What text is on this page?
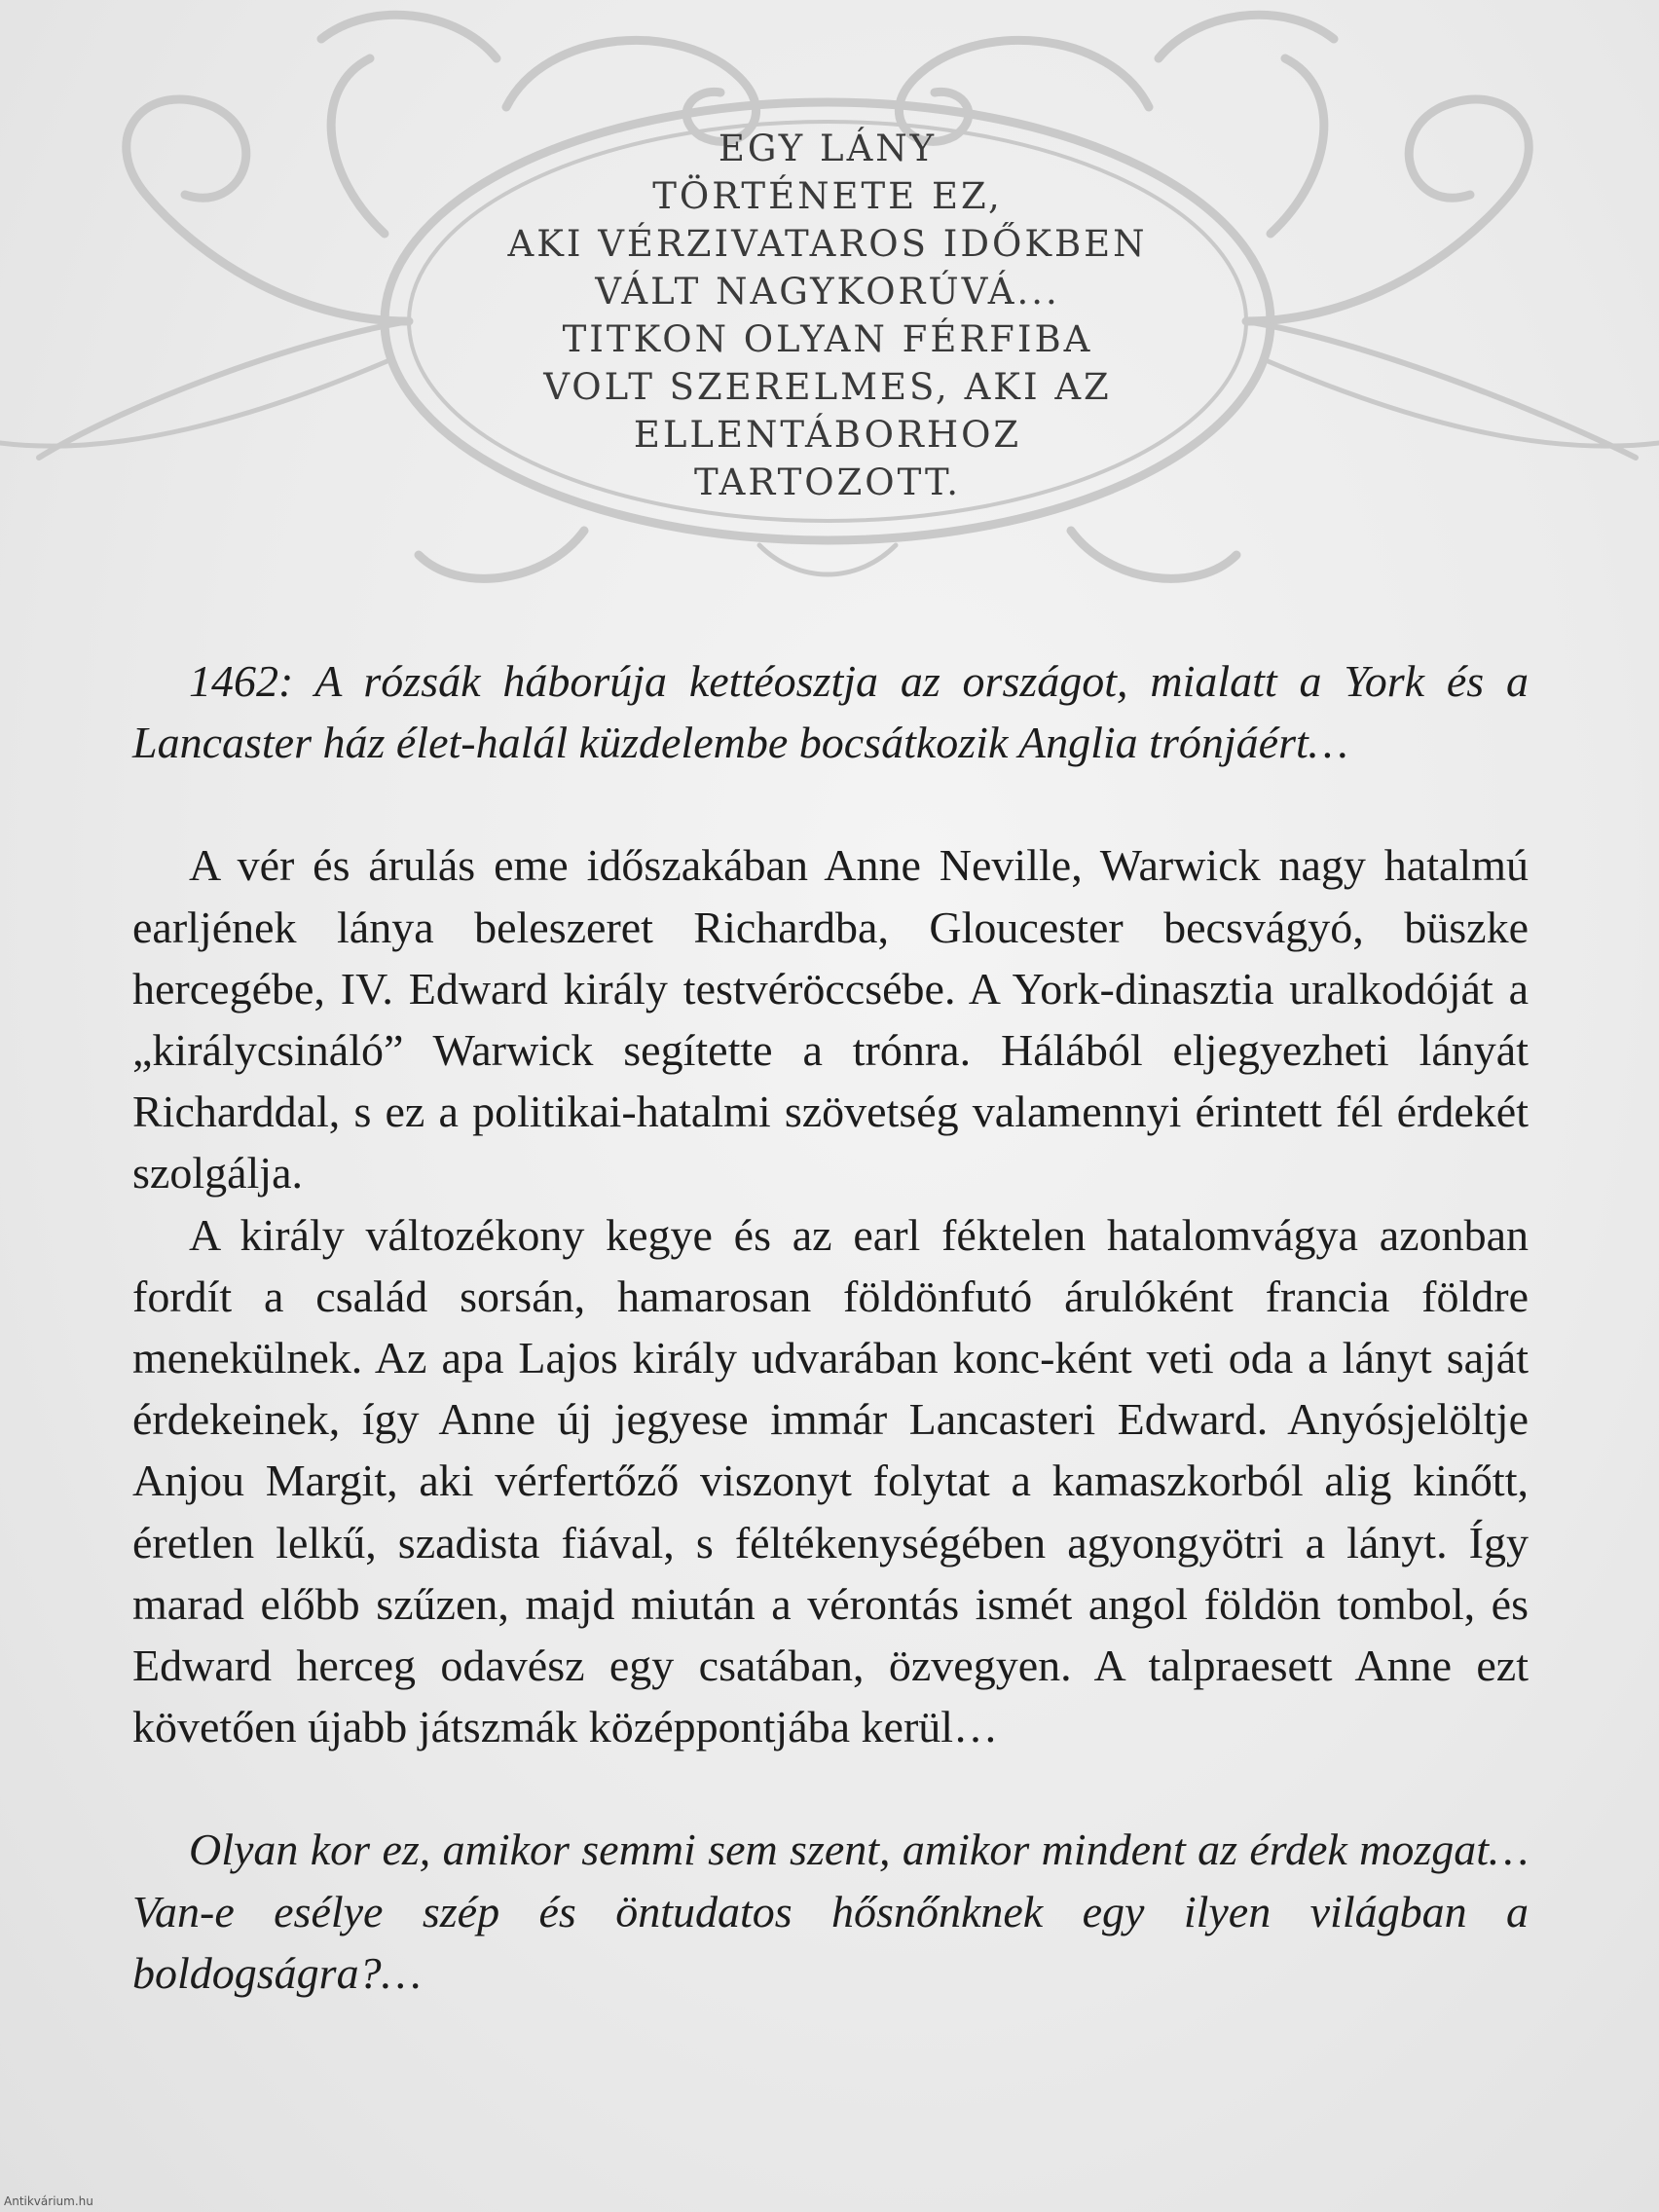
EGY LÁNY
TÖRTÉNETE EZ,
AKI VÉRZIVATAROS IDŐKBEN
VÁLT NAGYKORÚVÁ...
TITKON OLYAN FÉRFIBA
VOLT SZERELMES, AKI AZ
ELLENTÁBORHOZ
TARTOZOTT.

1462: A rózsák háborúja kettéosztja az országot, mialatt a York és a Lancaster ház élet-halál küzdelembe bocsátkozik Anglia trónjáért…

A vér és árulás eme időszakában Anne Neville, Warwick nagy hatalmú earljének lánya beleszeret Richardba, Gloucester becsvágyó, büszke hercegébe, IV. Edward király testvéröccsébe. A York-dinasztia uralkodóját a „királycsináló” Warwick segítette a trónra. Hálából eljegyezheti lányát Richarddal, s ez a politikai-hatalmi szövetség valamennyi érintett fél érdekét szolgálja.

A király változékony kegye és az earl féktelen hatalomvágya azonban fordít a család sorsán, hamarosan földönfutó árulóként francia földre menekülnek. Az apa Lajos király udvarában konc-ként veti oda a lányt saját érdekeinek, így Anne új jegyese immár Lancasteri Edward. Anyósjelöltje Anjou Margit, aki vérfertőző viszonyt folytat a kamaszkorból alig kinőtt, éretlen lelkű, szadista fiával, s féltékenységében agyongyötri a lányt. Így marad előbb szűzen, majd miután a vérontás ismét angol földön tombol, és Edward herceg odavész egy csatában, özvegyen. A talpraesett Anne ezt követően újabb játszmák középpontjába kerül…

Olyan kor ez, amikor semmi sem szent, amikor mindent az érdek mozgat… Van-e esélye szép és öntudatos hősnőnknek egy ilyen világban a boldogságra?…

Antikvárium.hu
